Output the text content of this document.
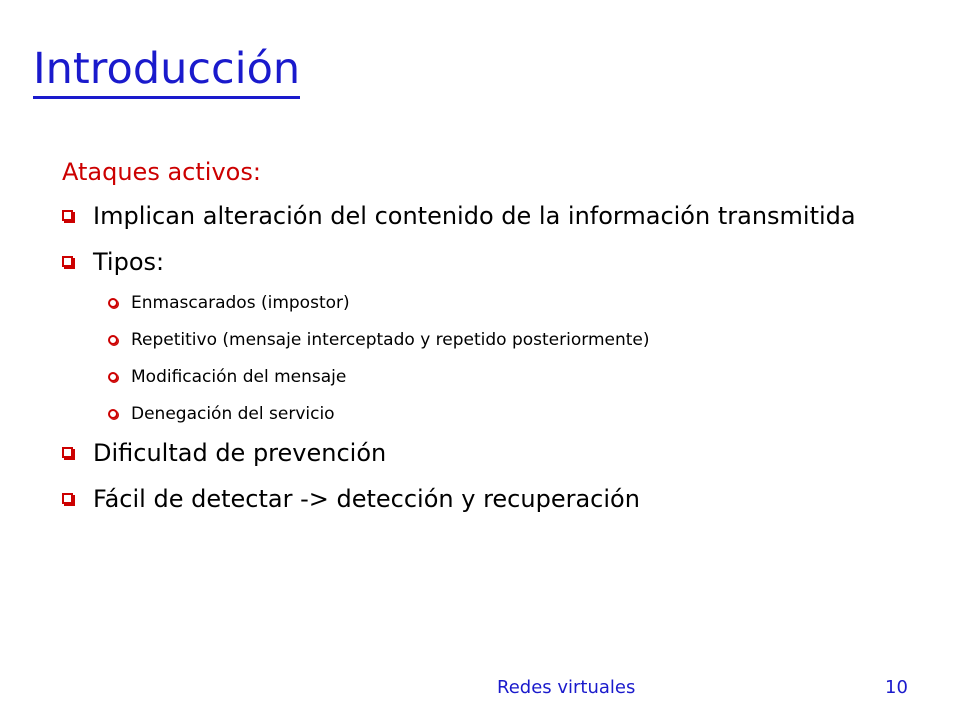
Introducción
Ataques activos:
Implican alteración del contenido de la información transmitida
Tipos:
Enmascarados (impostor)
Repetitivo (mensaje interceptado y repetido posteriormente)
Modificación del mensaje
Denegación del servicio
Dificultad de prevención
Fácil de detectar -> detección y recuperación
Redes virtuales	10
